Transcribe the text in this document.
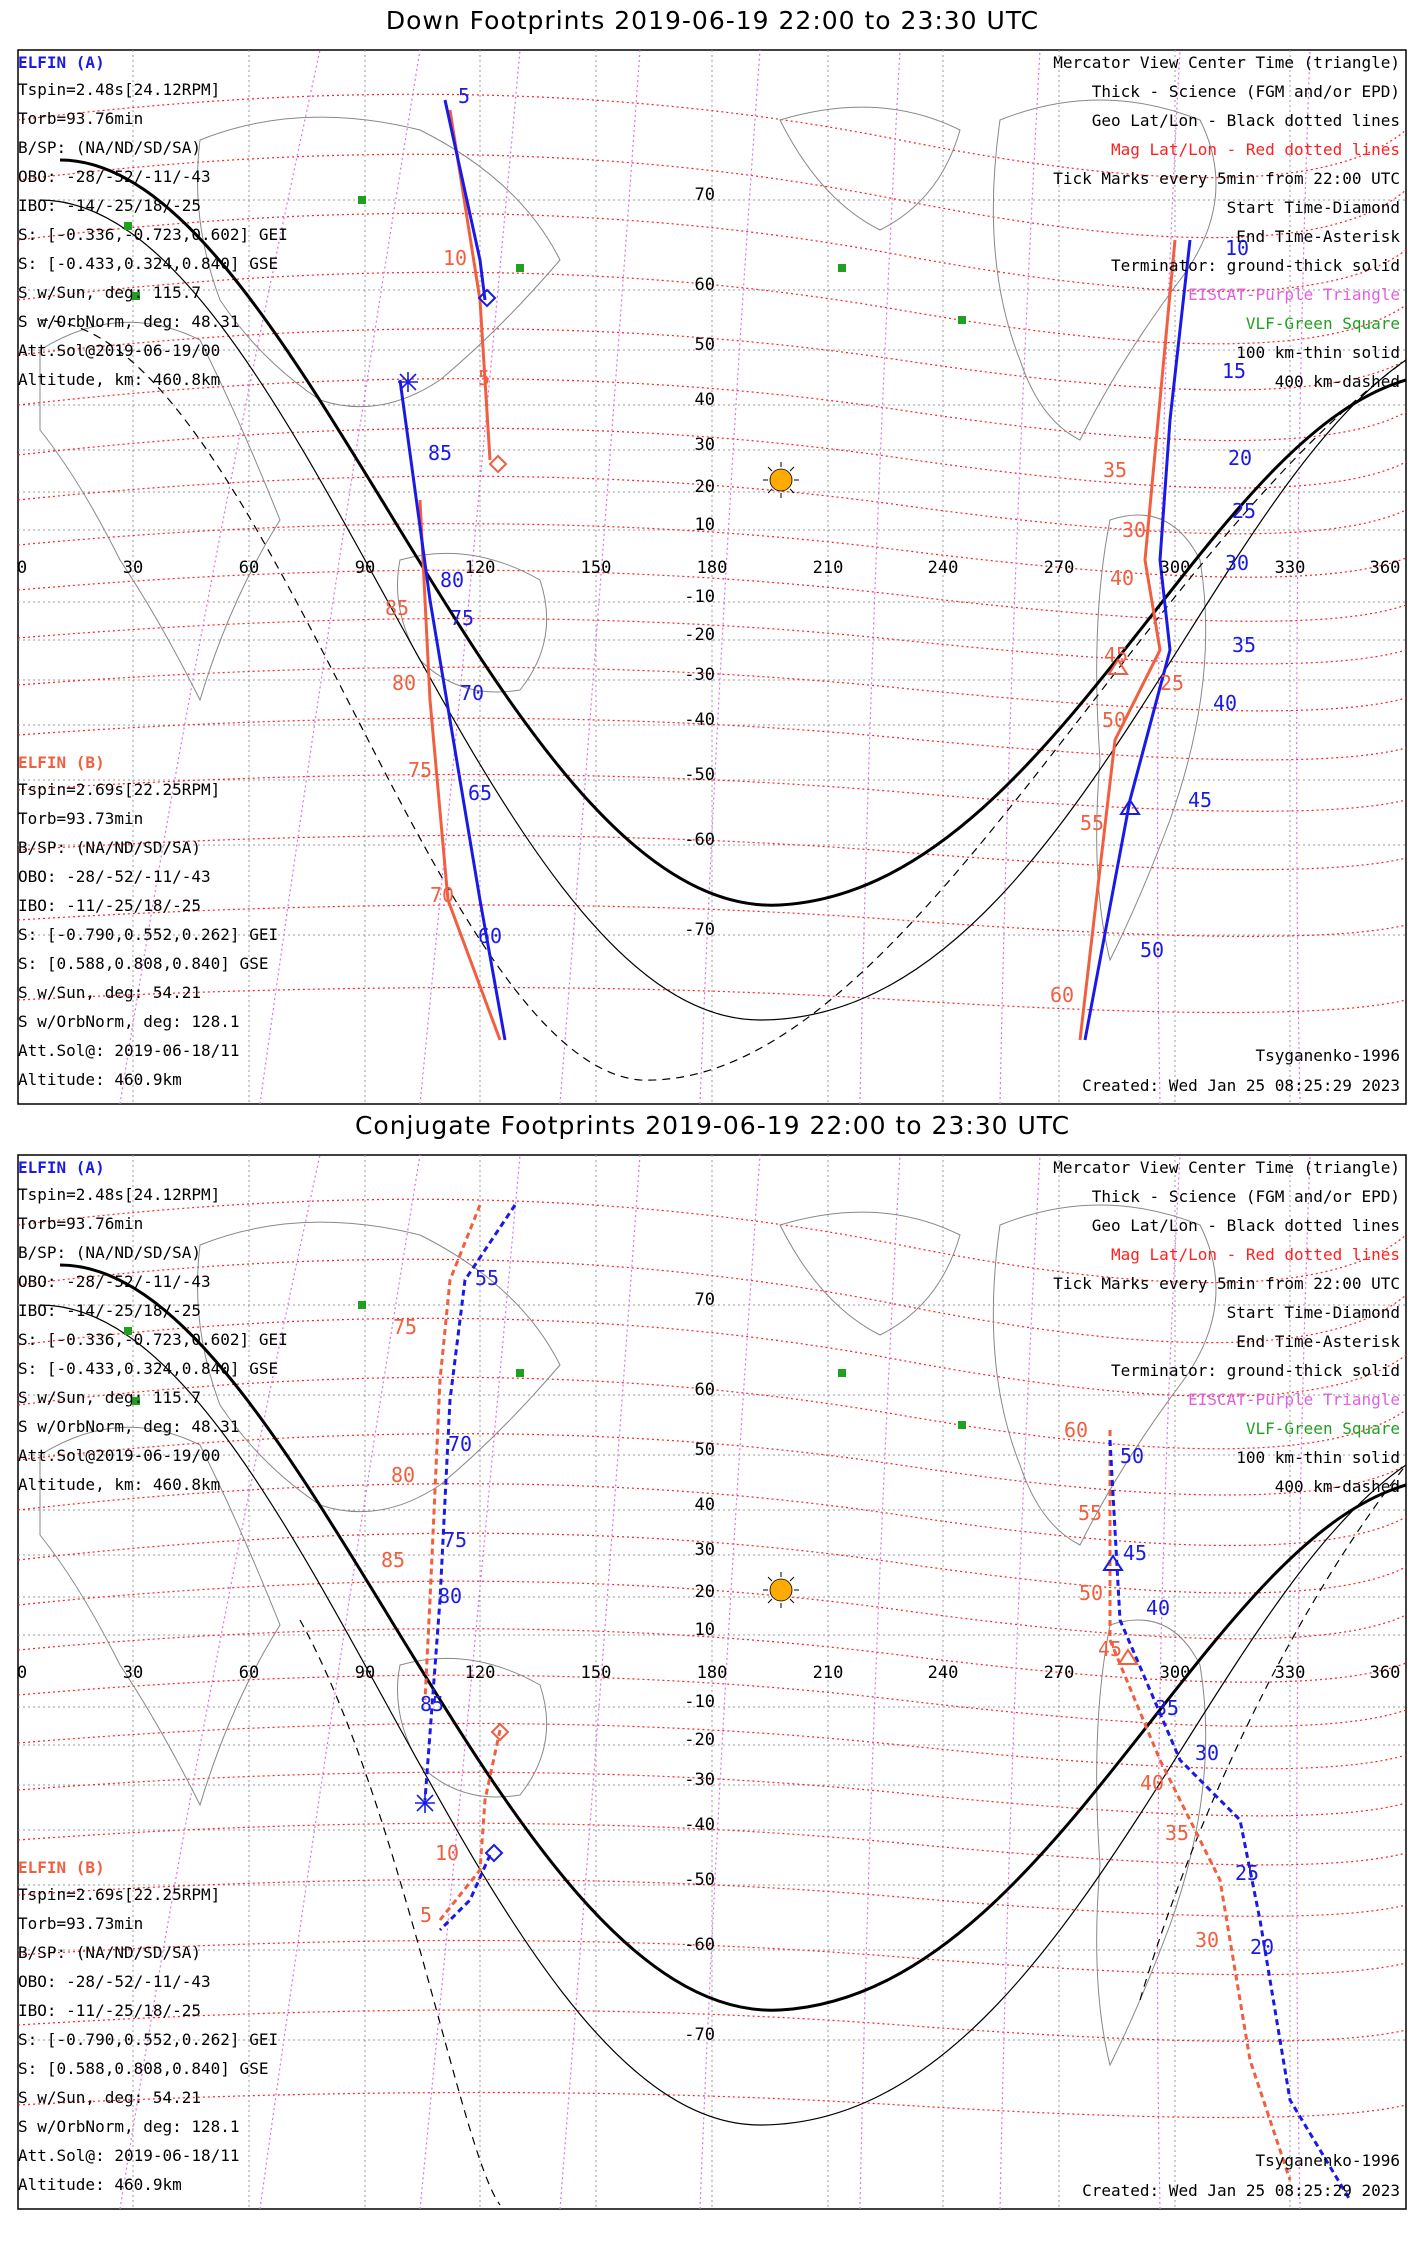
Down Footprints 2019-06-19 22:00 to 23:30 UTC
Conjugate Footprints 2019-06-19 22:00 to 23:30 UTC
ELFIN (A)
Tspin=2.48s[24.12RPM]
Torb=93.76min
B/SP: (NA/ND/SD/SA)
OBO: -28/-52/-11/-43
IBO: -14/-25/18/-25
S: [-0.336,-0.723,0.602] GEI
S: [-0.433,0.324,0.840] GSE
S w/Sun, deg: 115.7
S w/OrbNorm, deg: 48.31
Att.Sol@2019-06-19/00
Altitude, km: 460.8km
ELFIN (B)
Tspin=2.69s[22.25RPM]
Torb=93.73min
B/SP: (NA/ND/SD/SA)
OBO: -28/-52/-11/-43
IBO: -11/-25/18/-25
S: [-0.790,0.552,0.262] GEI
S: [0.588,0.808,0.840] GSE
S w/Sun, deg: 54.21
S w/OrbNorm, deg: 128.1
Att.Sol@: 2019-06-18/11
Altitude: 460.9km
Mercator View Center Time (triangle)
Thick - Science (FGM and/or EPD)
Geo Lat/Lon - Black dotted lines
Mag Lat/Lon - Red dotted lines
Tick Marks every 5min from 22:00 UTC
Start Time-Diamond
End Time-Asterisk
Terminator: ground-thick solid
EISCAT-Purple Triangle
VLF-Green Square
100 km-thin solid
400 km-dashed
Tsyganenko-1996
Created: Wed Jan 25 08:25:29 2023
0	30	60	90	120	150	180	210	240	270	300	330	360
70
60
50
40
30
20
10
-10
-20
-30
-40
-50
-60
-70
5
10
15
20
25
30
35
40
45
50
60
65
70
75
80
85
5
10
25
30
35
40
45
50
55
60
70
75
80
85
ELFIN (A)
Tspin=2.48s[24.12RPM]
Torb=93.76min
B/SP: (NA/ND/SD/SA)
OBO: -28/-52/-11/-43
IBO: -14/-25/18/-25
S: [-0.336,-0.723,0.602] GEI
S: [-0.433,0.324,0.840] GSE
S w/Sun, deg: 115.7
S w/OrbNorm, deg: 48.31
Att.Sol@2019-06-19/00
Altitude, km: 460.8km
ELFIN (B)
Tspin=2.69s[22.25RPM]
Torb=93.73min
B/SP: (NA/ND/SD/SA)
OBO: -28/-52/-11/-43
IBO: -11/-25/18/-25
S: [-0.790,0.552,0.262] GEI
S: [0.588,0.808,0.840] GSE
S w/Sun, deg: 54.21
S w/OrbNorm, deg: 128.1
Att.Sol@: 2019-06-18/11
Altitude: 460.9km
Mercator View Center Time (triangle)
Thick - Science (FGM and/or EPD)
Geo Lat/Lon - Black dotted lines
Mag Lat/Lon - Red dotted lines
Tick Marks every 5min from 22:00 UTC
Start Time-Diamond
End Time-Asterisk
Terminator: ground-thick solid
EISCAT-Purple Triangle
VLF-Green Square
100 km-thin solid
400 km-dashed
Tsyganenko-1996
Created: Wed Jan 25 08:25:29 2023
0	30	60	90	120	150	180	210	240	270	300	330	360
70
60
50
40
30
20
10
-10
-20
-30
-40
-50
-60
-70
20
25
30
35
40
45
50
55
70
75
80
85
5
10
30
35
40
45
50
55
60
75
80
85
